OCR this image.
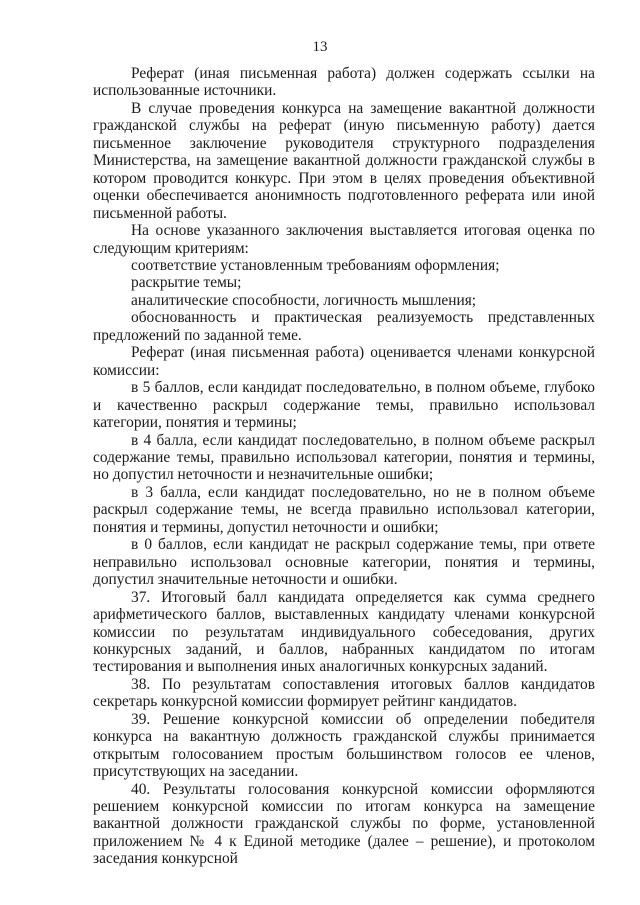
13

Реферат (иная письменная работа) должен содержать ссылки на использованные источники.

В случае проведения конкурса на замещение вакантной должности гражданской службы на реферат (иную письменную работу) дается письменное заключение руководителя структурного подразделения Министерства, на замещение вакантной должности гражданской службы в котором проводится конкурс. При этом в целях проведения объективной оценки обеспечивается анонимность подготовленного реферата или иной письменной работы.

На основе указанного заключения выставляется итоговая оценка по следующим критериям:

соответствие установленным требованиям оформления;

раскрытие темы;

аналитические способности, логичность мышления;

обоснованность и практическая реализуемость представленных предложений по заданной теме.

Реферат (иная письменная работа) оценивается членами конкурсной комиссии:

в 5 баллов, если кандидат последовательно, в полном объеме, глубоко и качественно раскрыл содержание темы, правильно использовал категории, понятия и термины;

в 4 балла, если кандидат последовательно, в полном объеме раскрыл содержание темы, правильно использовал категории, понятия и термины, но допустил неточности и незначительные ошибки;

в 3 балла, если кандидат последовательно, но не в полном объеме раскрыл содержание темы, не всегда правильно использовал категории, понятия и термины, допустил неточности и ошибки;

в 0 баллов, если кандидат не раскрыл содержание темы, при ответе неправильно использовал основные категории, понятия и термины, допустил значительные неточности и ошибки.

37. Итоговый балл кандидата определяется как сумма среднего арифметического баллов, выставленных кандидату членами конкурсной комиссии по результатам индивидуального собеседования, других конкурсных заданий, и баллов, набранных кандидатом по итогам тестирования и выполнения иных аналогичных конкурсных заданий.

38. По результатам сопоставления итоговых баллов кандидатов секретарь конкурсной комиссии формирует рейтинг кандидатов.

39. Решение конкурсной комиссии об определении победителя конкурса на вакантную должность гражданской службы принимается открытым голосованием простым большинством голосов ее членов, присутствующих на заседании.

40. Результаты голосования конкурсной комиссии оформляются решением конкурсной комиссии по итогам конкурса на замещение вакантной должности гражданской службы по форме, установленной приложением № 4 к Единой методике (далее – решение), и протоколом заседания конкурсной
